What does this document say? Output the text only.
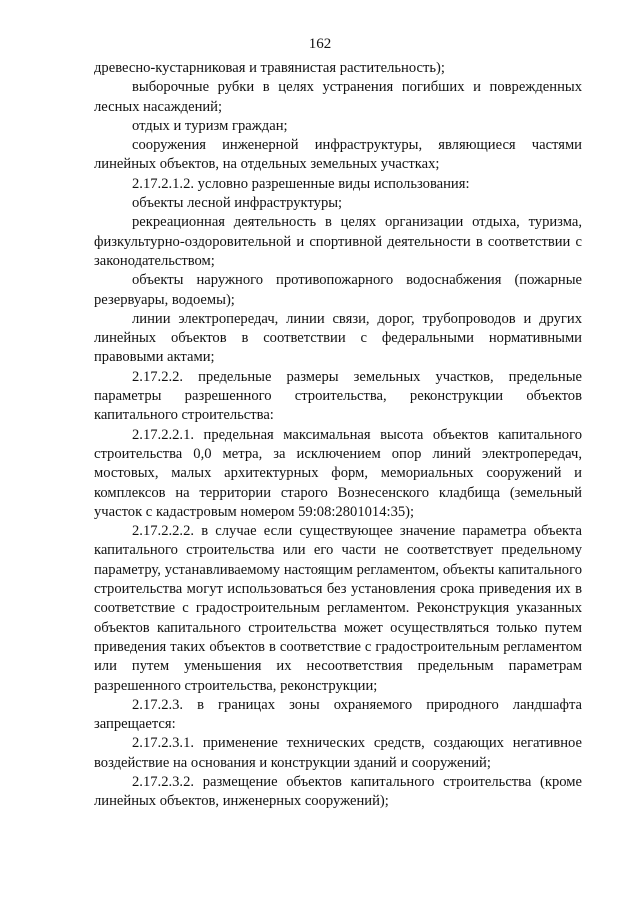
162

древесно-кустарниковая и травянистая растительность);

выборочные рубки в целях устранения погибших и поврежденных лесных насаждений;

отдых и туризм граждан;

сооружения инженерной инфраструктуры, являющиеся частями линейных объектов, на отдельных земельных участках;

2.17.2.1.2. условно разрешенные виды использования:

объекты лесной инфраструктуры;

рекреационная деятельность в целях организации отдыха, туризма, физкультурно-оздоровительной и спортивной деятельности в соответствии с законодательством;

объекты наружного противопожарного водоснабжения (пожарные резервуары, водоемы);

линии электропередач, линии связи, дорог, трубопроводов и других линейных объектов в соответствии с федеральными нормативными правовыми актами;

2.17.2.2. предельные размеры земельных участков, предельные параметры разрешенного строительства, реконструкции объектов капитального строительства:

2.17.2.2.1. предельная максимальная высота объектов капитального строительства 0,0 метра, за исключением опор линий электропередач, мостовых, малых архитектурных форм, мемориальных сооружений и комплексов на территории старого Вознесенского кладбища (земельный участок с кадастровым номером 59:08:2801014:35);

2.17.2.2.2. в случае если существующее значение параметра объекта капитального строительства или его части не соответствует предельному параметру, устанавливаемому настоящим регламентом, объекты капитального строительства могут использоваться без установления срока приведения их в соответствие с градостроительным регламентом. Реконструкция указанных объектов капитального строительства может осуществляться только путем приведения таких объектов в соответствие с градостроительным регламентом или путем уменьшения их несоответствия предельным параметрам разрешенного строительства, реконструкции;

2.17.2.3. в границах зоны охраняемого природного ландшафта запрещается:

2.17.2.3.1. применение технических средств, создающих негативное воздействие на основания и конструкции зданий и сооружений;

2.17.2.3.2. размещение объектов капитального строительства (кроме линейных объектов, инженерных сооружений);
